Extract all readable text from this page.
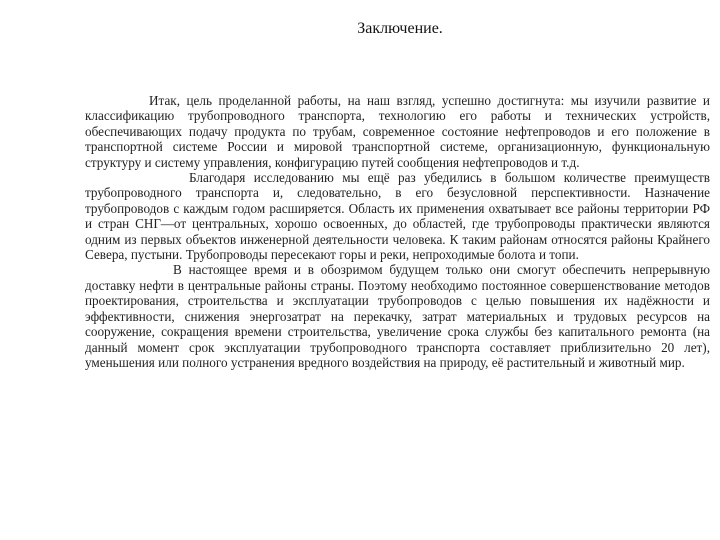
Заключение.

Итак, цель проделанной работы, на наш взгляд, успешно достигнута: мы изучили развитие и классификацию трубопроводного транспорта, технологию его работы и технических устройств, обеспечивающих подачу продукта по трубам, современное состояние нефтепроводов и его положение в транспортной системе России и мировой транспортной системе, организационную, функциональную структуру и систему управления, конфигурацию путей сообщения нефтепроводов и т.д.

Благодаря исследованию мы ещё раз убедились в большом количестве преимуществ трубопроводного транспорта и, следовательно, в его безусловной перспективности. Назначение трубопроводов с каждым годом расширяется. Область их применения охватывает все районы территории РФ и стран СНГ—от центральных, хорошо освоенных, до областей, где трубопроводы практически являются одним из первых объектов инженерной деятельности человека. К таким районам относятся районы Крайнего Севера, пустыни. Трубопроводы пересекают горы и реки, непроходимые болота и топи.

В настоящее время и в обозримом будущем только они смогут обеспечить непрерывную доставку нефти в центральные районы страны. Поэтому необходимо постоянное совершенствование методов проектирования, строительства и эксплуатации трубопроводов с целью повышения их надёжности и эффективности, снижения энергозатрат на перекачку, затрат материальных и трудовых ресурсов на сооружение, сокращения времени строительства, увеличение срока службы без капитального ремонта (на данный момент срок эксплуатации трубопроводного транспорта составляет приблизительно 20 лет), уменьшения или полного устранения вредного воздействия на природу, её растительный и животный мир.
